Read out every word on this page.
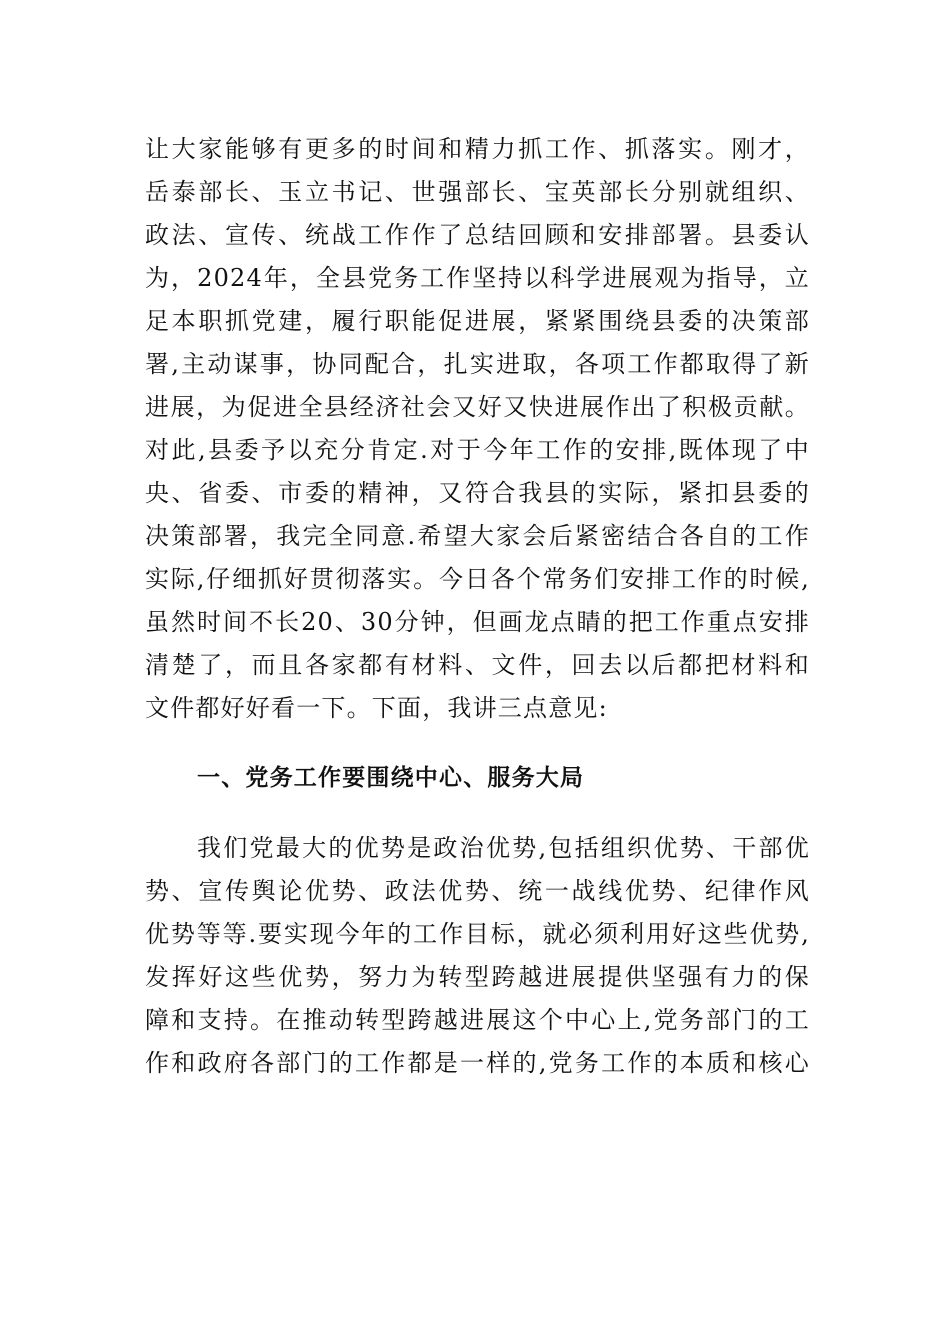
让大家能够有更多的时间和精力抓工作、抓落实。刚才，
岳泰部长、玉立书记、世强部长、宝英部长分别就组织、
政法、宣传、统战工作作了总结回顾和安排部署。县委认
为，2024年，全县党务工作坚持以科学进展观为指导，立
足本职抓党建，履行职能促进展，紧紧围绕县委的决策部
署,主动谋事，协同配合，扎实进取，各项工作都取得了新
进展，为促进全县经济社会又好又快进展作出了积极贡献。
对此,县委予以充分肯定.对于今年工作的安排,既体现了中
央、省委、市委的精神，又符合我县的实际，紧扣县委的
决策部署，我完全同意.希望大家会后紧密结合各自的工作
实际,仔细抓好贯彻落实。今日各个常务们安排工作的时候,
虽然时间不长20、30分钟，但画龙点睛的把工作重点安排
清楚了，而且各家都有材料、文件，回去以后都把材料和
文件都好好看一下。下面，我讲三点意见:
一、党务工作要围绕中心、服务大局
我们党最大的优势是政治优势,包括组织优势、干部优
势、宣传舆论优势、政法优势、统一战线优势、纪律作风
优势等等.要实现今年的工作目标，就必须利用好这些优势,
发挥好这些优势，努力为转型跨越进展提供坚强有力的保
障和支持。在推动转型跨越进展这个中心上,党务部门的工
作和政府各部门的工作都是一样的,党务工作的本质和核心
